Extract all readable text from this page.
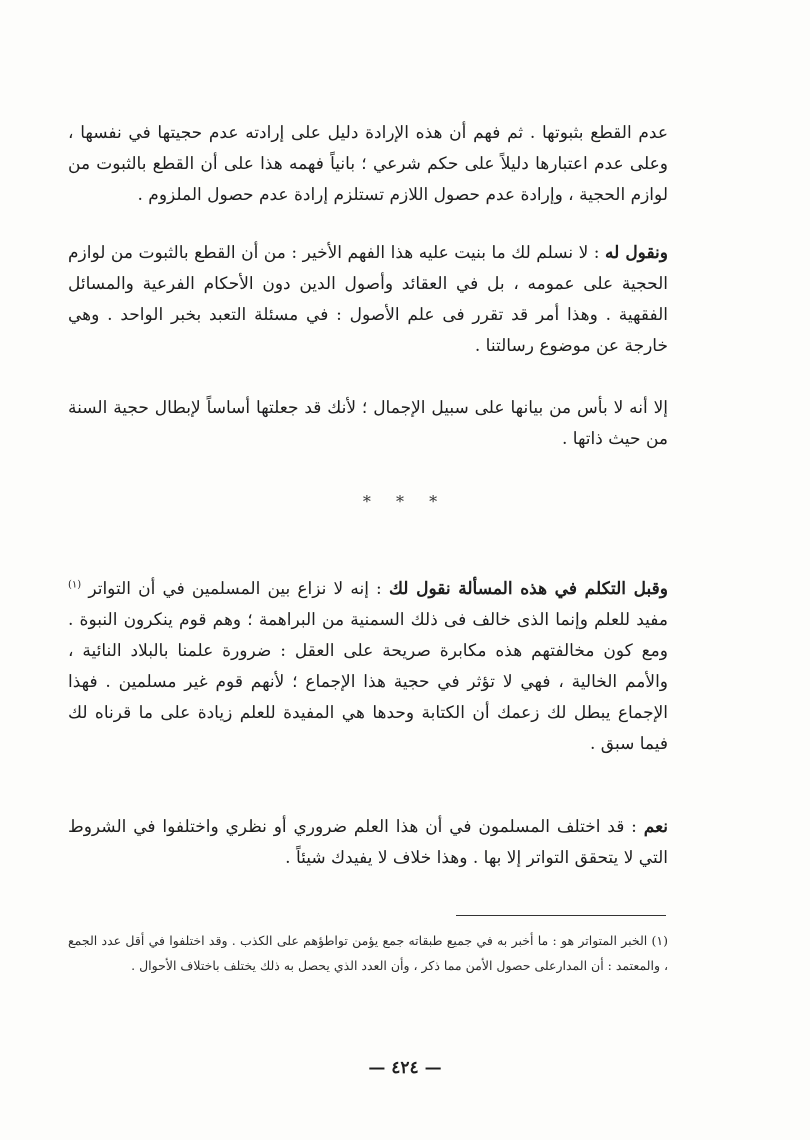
عدم القطع بثبوتها . ثم فهم أن هذه الإرادة دليل على إرادته عدم حجيتها في نفسها ، وعلى عدم اعتبارها دليلاً على حكم شرعي ؛ بانياً فهمه هذا على أن القطع بالثبوت من لوازم الحجية ، وإرادة عدم حصول اللازم تستلزم إرادة عدم حصول الملزوم .

ونقول له : لا نسلم لك ما بنيت عليه هذا الفهم الأخير : من أن القطع بالثبوت من لوازم الحجية على عمومه ، بل في العقائد وأصول الدين دون الأحكام الفرعية والمسائل الفقهية . وهذا أمر قد تقرر فى علم الأصول : في مسئلة التعبد بخبر الواحد . وهي خارجة عن موضوع رسالتنا .

إلا أنه لا بأس من بيانها على سبيل الإجمال ؛ لأنك قد جعلتها أساساً لإبطال حجية السنة من حيث ذاتها .

* * *

وقبل التكلم في هذه المسألة نقول لك : إنه لا نزاع بين المسلمين في أن التواتر $^{(١)}$ مفيد للعلم وإنما الذى خالف فى ذلك السمنية من البراهمة ؛ وهم قوم ينكرون النبوة . ومع كون مخالفتهم هذه مكابرة صريحة على العقل : ضرورة علمنا بالبلاد النائية ، والأمم الخالية ، فهي لا تؤثر في حجية هذا الإجماع ؛ لأنهم قوم غير مسلمين . فهذا الإجماع يبطل لك زعمك أن الكتابة وحدها هي المفيدة للعلم زيادة على ما قرناه لك فيما سبق .

نعم : قد اختلف المسلمون في أن هذا العلم ضروري أو نظري واختلفوا في الشروط التي لا يتحقق التواتر إلا بها . وهذا خلاف لا يفيدك شيئاً .

(١) الخبر المتواتر هو : ما أخبر به في جميع طبقاته جمع يؤمن تواطؤهم على الكذب . وقد اختلفوا في أقل عدد الجمع ، والمعتمد : أن المدارعلى حصول الأمن مما ذكر ، وأن العدد الذي يحصل به ذلك يختلف باختلاف الأحوال .

— ٤٢٤ —
